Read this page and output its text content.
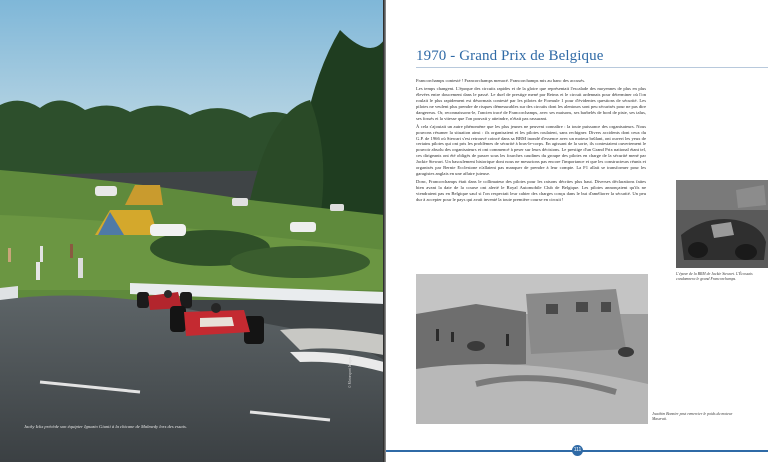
Jacky Ickx précède son équipier Ignazio Giunti à la chicane de Malmedy lors des essais.
© Motorsport Images
1970 - Grand Prix de Belgique

Francorchamps contesté ! Francorchamps menacé. Francorchamps mis au banc des accusés.

Les temps changent. L'époque des circuits rapides et de la gloire que représentait l'escalade des moyennes de plus en plus élevées entre doucement dans le passé. Le duel de prestige mené par Reims et le circuit ardennais pour déterminer où l'on roulait le plus rapidement est désormais contesté par les pilotes de Formule 1 pour d'évidentes questions de sécurité. Les pilotes ne veulent plus prendre de risques démesurables sur des circuits dont les alentours sont peu sécurisés pour ne pas dire dangereux. Or, reconnaissons-le, l'ancien tracé de Francorchamps, avec ses maisons, ses barbelés de bord de piste, ses talus, ses fossés et la vitesse que l'on pouvait y atteindre, n'était pas rassurant.

À cela s'ajoutait un autre phénomène que les plus jeunes ne peuvent connaître : la toute puissance des organisateurs. Nous pouvons résumer la situation ainsi : ils organisaient et les pilotes roulaient, sans rechigner. Divers accidents dont ceux du G.P. de 1966 où Stewart s'est retrouvé coincé dans sa BRM inondé d'essence avec un moteur brûlant, ont ouvert les yeux de certains pilotes qui ont pris les problèmes de sécurité à bras-le-corps. En agissant de la sorte, ils contestaient ouvertement le pouvoir absolu des organisateurs et ont commencé à peser sur leurs décisions. Le prestige d'un Grand Prix national étant tel, ces dirigeants ont été obligés de passer sous les fourches caudines du groupe des pilotes en charge de la sécurité mené par Jackie Stewart. Un basculement historique dont nous ne mesurions pas encore l'importance et que les constructeurs réunis et organisés par Bernie Ecclestone n'allaient pas manquer de prendre à leur compte. La F1 allait se transformer pour les garagistes anglais en une affaire juteuse.

Donc, Francorchamps était dans le collimateur des pilotes pour les raisons décrites plus haut. Diverses déclarations faites bien avant la date de la course ont alerté le Royal Automobile Club de Belgique. Les pilotes annonçaient qu'ils ne viendraient pas en Belgique sauf si l'on respectait leur cahier des charges conçu dans le but d'améliorer la sécurité. Un peu dur à accepter pour le pays qui avait inventé la toute première course en circuit !

L'épave de la BRM de Jackie Stewart. L'Écossais condamnera le grand Francorchamps.
Joachim Bonnier peut remercier le poids du moteur Maserati.
111
